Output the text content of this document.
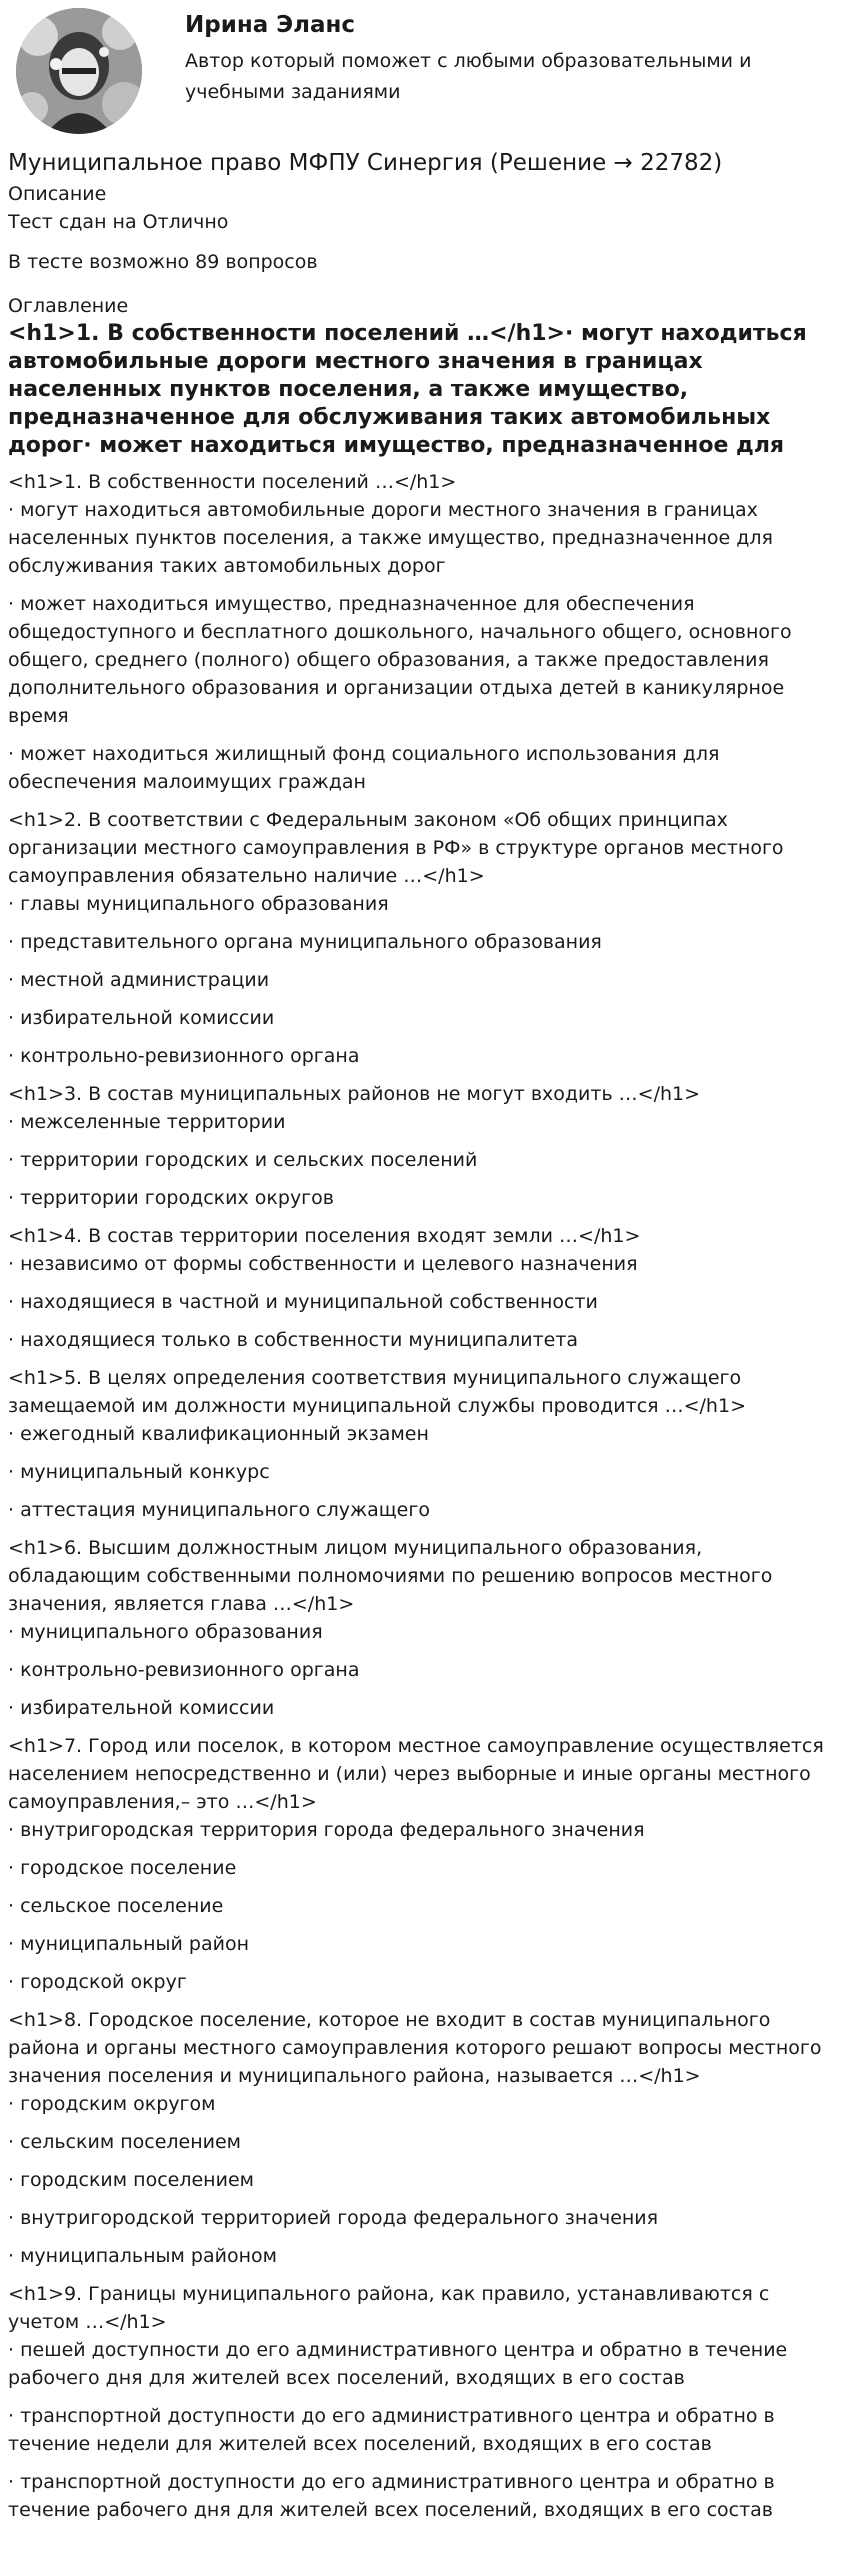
Ирина Эланс
Автор который поможет с любыми образовательными и учебными заданиями
Муниципальное право МФПУ Синергия (Решение → 22782)
Описание
Тест сдан на Отлично
В тесте возможно 89 вопросов
Оглавление
<h1>1. В собственности поселений …</h1>· могут находиться автомобильные дороги местного значения в границах населенных пунктов поселения, а также имущество, предназначенное для обслуживания таких автомобильных дорог· может находиться имущество, предназначенное для
<h1>1. В собственности поселений …</h1>
· могут находиться автомобильные дороги местного значения в границах населенных пунктов поселения, а также имущество, предназначенное для обслуживания таких автомобильных дорог
· может находиться имущество, предназначенное для обеспечения общедоступного и бесплатного дошкольного, начального общего, основного общего, среднего (полного) общего образования, а также предоставления дополнительного образования и организации отдыха детей в каникулярное время
· может находиться жилищный фонд социального использования для обеспечения малоимущих граждан
<h1>2. В соответствии с Федеральным законом «Об общих принципах организации местного самоуправления в РФ» в структуре органов местного самоуправления обязательно наличие …</h1>
· главы муниципального образования
· представительного органа муниципального образования
· местной администрации
· избирательной комиссии
· контрольно-ревизионного органа
<h1>3. В состав муниципальных районов не могут входить …</h1>
· межселенные территории
· территории городских и сельских поселений
· территории городских округов
<h1>4. В состав территории поселения входят земли …</h1>
· независимо от формы собственности и целевого назначения
· находящиеся в частной и муниципальной собственности
· находящиеся только в собственности муниципалитета
<h1>5. В целях определения соответствия муниципального служащего замещаемой им должности муниципальной службы проводится …</h1>
· ежегодный квалификационный экзамен
· муниципальный конкурс
· аттестация муниципального служащего
<h1>6. Высшим должностным лицом муниципального образования, обладающим собственными полномочиями по решению вопросов местного значения, является глава …</h1>
· муниципального образования
· контрольно-ревизионного органа
· избирательной комиссии
<h1>7. Город или поселок, в котором местное самоуправление осуществляется населением непосредственно и (или) через выборные и иные органы местного самоуправления,– это …</h1>
· внутригородская территория города федерального значения
· городское поселение
· сельское поселение
· муниципальный район
· городской округ
<h1>8. Городское поселение, которое не входит в состав муниципального района и органы местного самоуправления которого решают вопросы местного значения поселения и муниципального района, называется …</h1>
· городским округом
· сельским поселением
· городским поселением
· внутригородской территорией города федерального значения
· муниципальным районом
<h1>9. Границы муниципального района, как правило, устанавливаются с учетом …</h1>
· пешей доступности до его административного центра и обратно в течение рабочего дня для жителей всех поселений, входящих в его состав
· транспортной доступности до его административного центра и обратно в течение недели для жителей всех поселений, входящих в его состав
· транспортной доступности до его административного центра и обратно в течение рабочего дня для жителей всех поселений, входящих в его состав
